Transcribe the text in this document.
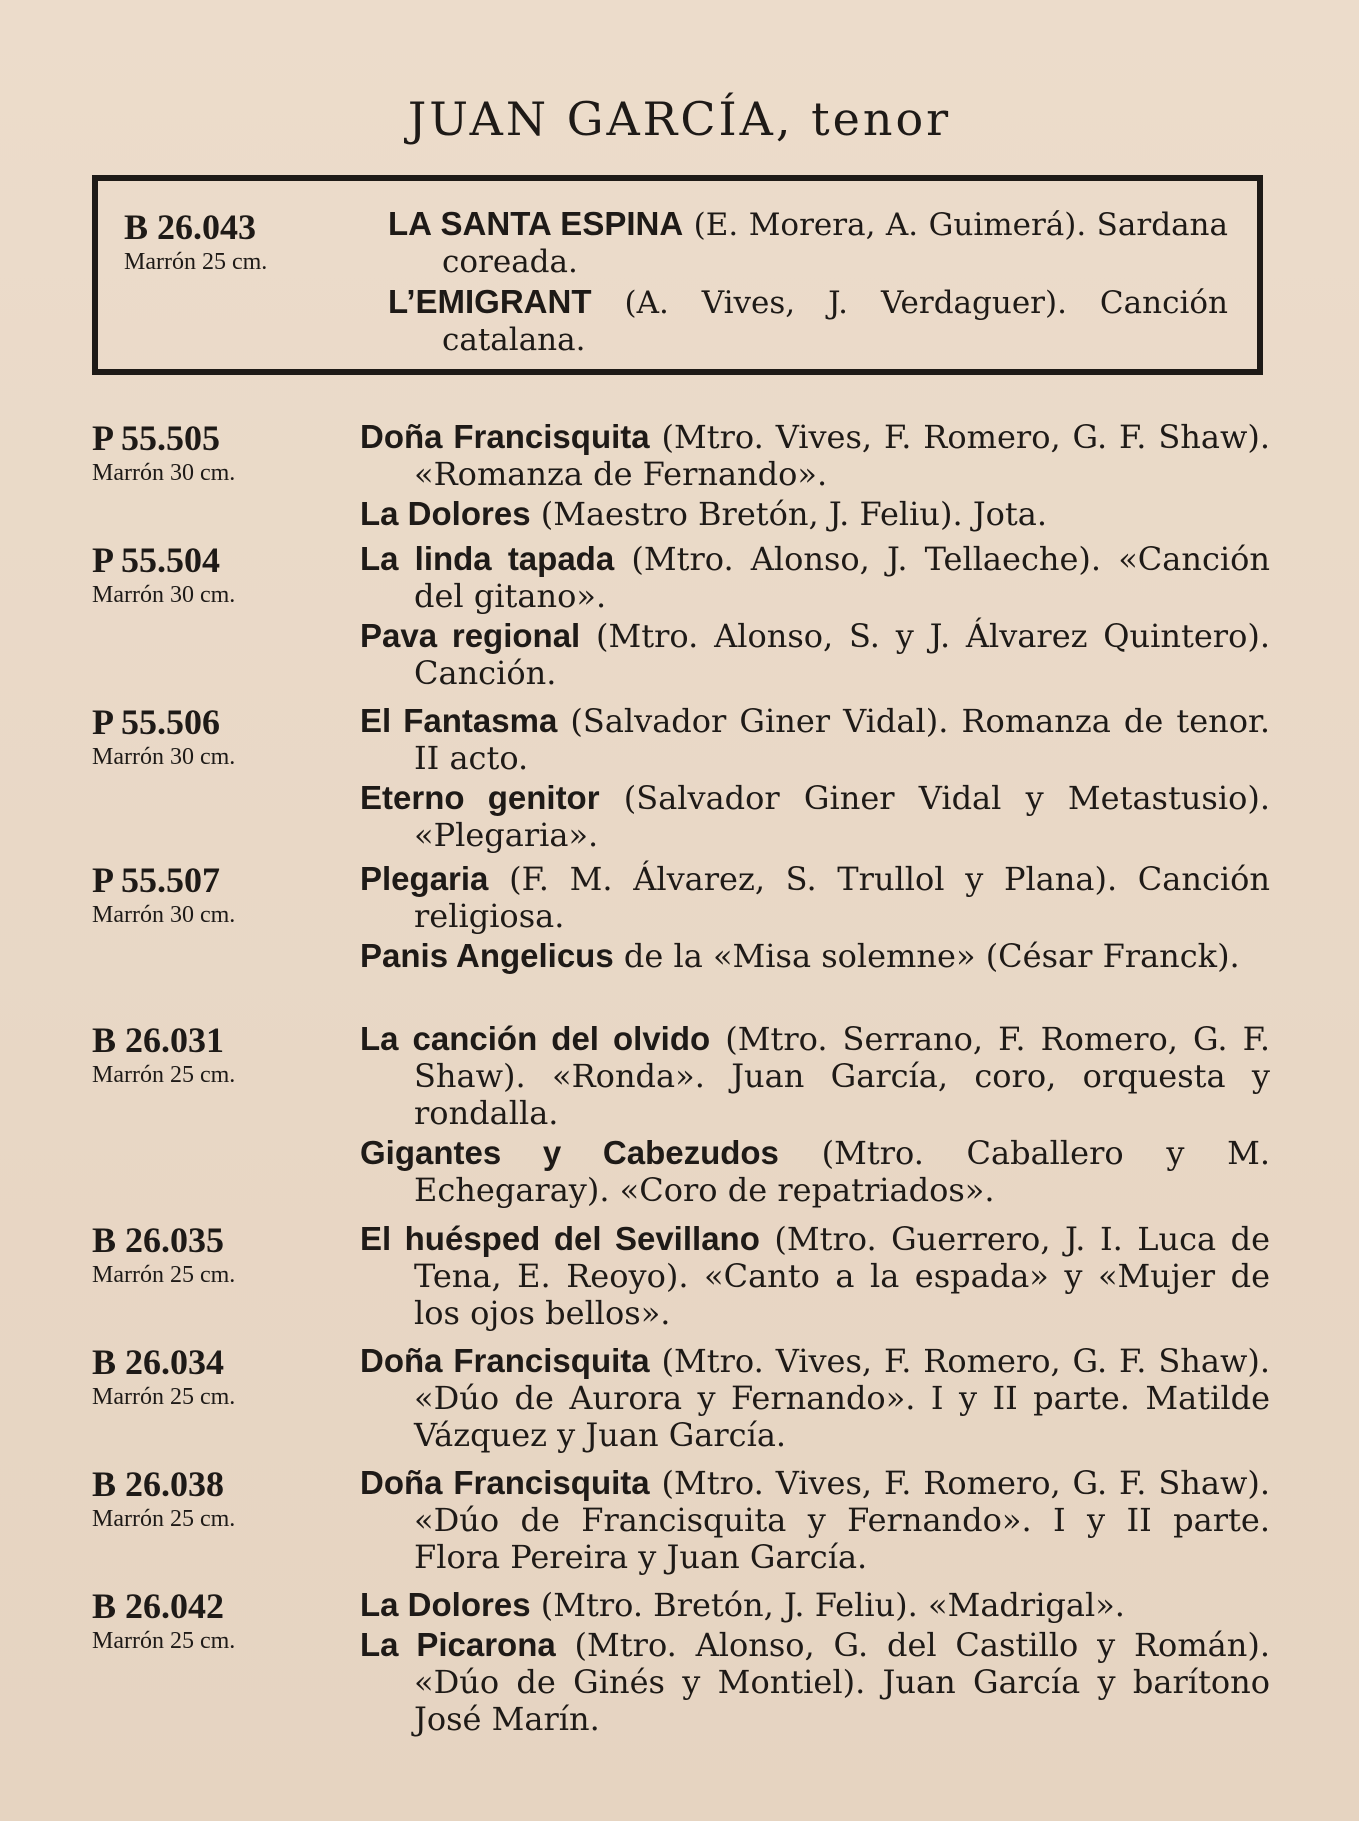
JUAN GARCÍA, tenor
B 26.043
Marrón 25 cm.

LA SANTA ESPINA (E. Morera, A. Guimerá). Sardana coreada.

L’EMIGRANT (A. Vives, J. Verdaguer). Canción catalana.

P 55.505
Marrón 30 cm.

Doña Francisquita (Mtro. Vives, F. Romero, G. F. Shaw). «Romanza de Fernando».

La Dolores (Maestro Bretón, J. Feliu). Jota.

P 55.504
Marrón 30 cm.

La linda tapada (Mtro. Alonso, J. Tellaeche). «Canción del gitano».

Pava regional (Mtro. Alonso, S. y J. Álvarez Quintero). Canción.

P 55.506
Marrón 30 cm.

El Fantasma (Salvador Giner Vidal). Romanza de tenor. II acto.

Eterno genitor (Salvador Giner Vidal y Metastusio). «Plegaria».

P 55.507
Marrón 30 cm.

Plegaria (F. M. Álvarez, S. Trullol y Plana). Canción religiosa.

Panis Angelicus de la «Misa solemne» (César Franck).

B 26.031
Marrón 25 cm.

La canción del olvido (Mtro. Serrano, F. Romero, G. F. Shaw). «Ronda». Juan García, coro, orquesta y rondalla.

Gigantes y Cabezudos (Mtro. Caballero y M. Echegaray). «Coro de repatriados».

B 26.035
Marrón 25 cm.

El huésped del Sevillano (Mtro. Guerrero, J. I. Luca de Tena, E. Reoyo). «Canto a la espada» y «Mujer de los ojos bellos».

B 26.034
Marrón 25 cm.

Doña Francisquita (Mtro. Vives, F. Romero, G. F. Shaw). «Dúo de Aurora y Fernando». I y II parte. Matilde Vázquez y Juan García.

B 26.038
Marrón 25 cm.

Doña Francisquita (Mtro. Vives, F. Romero, G. F. Shaw). «Dúo de Francisquita y Fernando». I y II parte. Flora Pereira y Juan García.

B 26.042
Marrón 25 cm.

La Dolores (Mtro. Bretón, J. Feliu). «Madrigal».

La Picarona (Mtro. Alonso, G. del Castillo y Román). «Dúo de Ginés y Montiel). Juan García y barítono José Marín.
